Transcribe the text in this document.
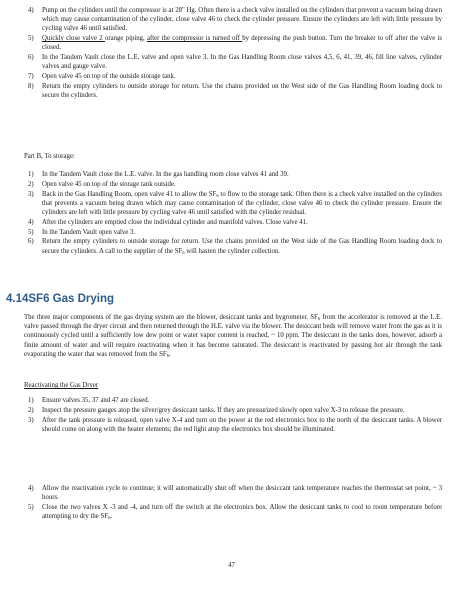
4)	Pump on the cylinders until the compressor is at 28" Hg. Often there is a check valve installed on the cylinders that prevent a vacuum being drawn which may cause contamination of the cylinder, close valve 46 to check the cylinder pressure. Ensure the cylinders are left with little pressure by cycling valve 46 until satisfied.
5)	Quickly close valve 2 orange piping, after the compressor is turned off by depressing the push button. Turn the breaker to off after the valve is closed.
6)	In the Tandem Vault close the L.E. valve and open valve 3. In the Gas Handling Room close valves 4,5, 6, 41, 39, 46, fill line valves, cylinder valves and gauge valve.
7)	Open valve 45 on top of the outside storage tank.
8)	Return the empty cylinders to outside storage for return. Use the chains provided on the West side of the Gas Handling Room loading dock to secure the cylinders.

Part B, To storage:

1)	In the Tandem Vault close the L.E. valve. In the gas handling room close valves 41 and 39.
2)	Open valve 45 on top of the storage tank outside.
3)	Back in the Gas Handling Room, open valve 41 to allow the $SF_6$ to flow to the storage tank. Often there is a check valve installed on the cylinders that prevents a vacuum being drawn which may cause contamination of the cylinder, close valve 46 to check the cylinder pressure. Ensure the cylinders are left with little pressure by cycling valve 46 until satisfied with the cylinder residual.
4)	After the cylinders are emptied close the individual cylinder and manifold valves. Close valve 41.
5)	In the Tandem Vault open valve 3.
6)	Return the empty cylinders to outside storage for return. Use the chains provided on the West side of the Gas Handling Room loading dock to secure the cylinders. A call to the supplier of the $SF_6$ will hasten the cylinder collection.
4.14SF6 Gas Drying

The three major components of the gas drying system are the blower, desiccant tanks and hygrometer. $SF_6$ from the accelerator is removed at the L.E. valve passed through the dryer circuit and then returned through the H.E. valve via the blower. The desiccant beds will remove water from the gas as it is continuously cycled until a sufficiently low dew point or water vapor content is reached, ~ 10 ppm. The desiccant in the tanks does, however, adsorb a finite amount of water and will require reactivating when it has become saturated. The desiccant is reactivated by passing hot air through the tank evaporating the water that was removed from the $SF_6$.

Reactivating the Gas Dryer

1)	Ensure valves 35, 37 and 47 are closed.
2)	Inspect the pressure gauges atop the silver/grey desiccant tanks. If they are pressurized slowly open valve X-3 to release the pressure.
3)	After the tank pressure is released, open valve X-4 and turn on the power at the red electronics box to the north of the desiccant tanks. A blower should come on along with the heater elements; the red light atop the electronics box should be illuminated.
4)	Allow the reactivation cycle to continue; it will automatically shut off when the desiccant tank temperature reaches the thermostat set point, ~ 3 hours.
5)	Close the two valves X -3 and -4, and turn off the switch at the electronics box. Allow the desiccant tanks to cool to room temperature before attempting to dry the $SF_6$.
47
